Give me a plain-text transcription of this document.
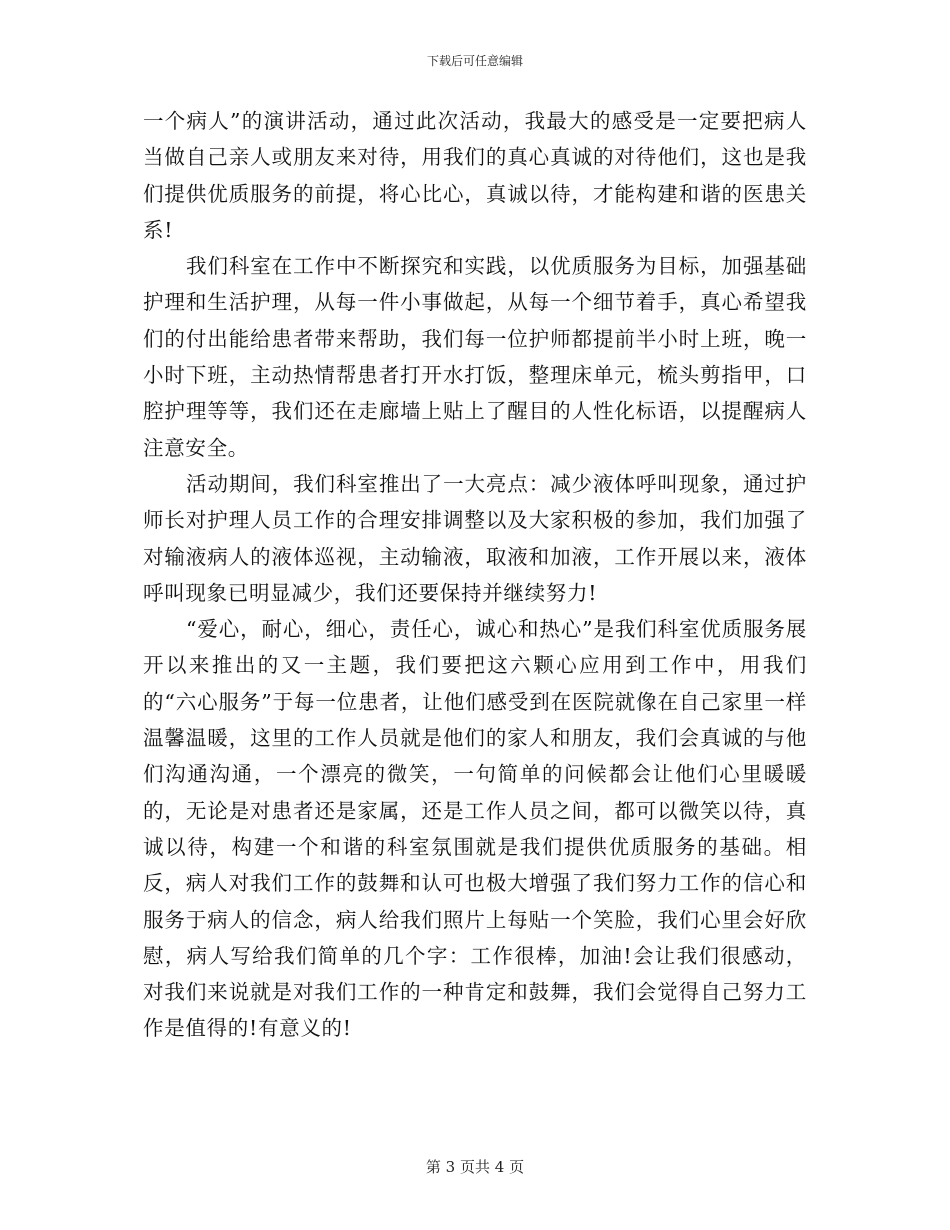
下载后可任意编辑

一个病人”的演讲活动，通过此次活动，我最大的感受是一定要把病人当做自己亲人或朋友来对待，用我们的真心真诚的对待他们，这也是我们提供优质服务的前提，将心比心，真诚以待，才能构建和谐的医患关系!

我们科室在工作中不断探究和实践，以优质服务为目标，加强基础护理和生活护理，从每一件小事做起，从每一个细节着手，真心希望我们的付出能给患者带来帮助，我们每一位护师都提前半小时上班，晚一小时下班，主动热情帮患者打开水打饭，整理床单元，梳头剪指甲，口腔护理等等，我们还在走廊墙上贴上了醒目的人性化标语，以提醒病人注意安全。

活动期间，我们科室推出了一大亮点：减少液体呼叫现象，通过护师长对护理人员工作的合理安排调整以及大家积极的参加，我们加强了对输液病人的液体巡视，主动输液，取液和加液，工作开展以来，液体呼叫现象已明显减少，我们还要保持并继续努力!

“爱心，耐心，细心，责任心，诚心和热心”是我们科室优质服务展开以来推出的又一主题，我们要把这六颗心应用到工作中，用我们的“六心服务”于每一位患者，让他们感受到在医院就像在自己家里一样温馨温暖，这里的工作人员就是他们的家人和朋友，我们会真诚的与他们沟通沟通，一个漂亮的微笑，一句简单的问候都会让他们心里暖暖的，无论是对患者还是家属，还是工作人员之间，都可以微笑以待，真诚以待，构建一个和谐的科室氛围就是我们提供优质服务的基础。相反，病人对我们工作的鼓舞和认可也极大增强了我们努力工作的信心和服务于病人的信念，病人给我们照片上每贴一个笑脸，我们心里会好欣慰，病人写给我们简单的几个字：工作很棒，加油!会让我们很感动，对我们来说就是对我们工作的一种肯定和鼓舞，我们会觉得自己努力工作是值得的!有意义的!

第 3 页共 4 页
